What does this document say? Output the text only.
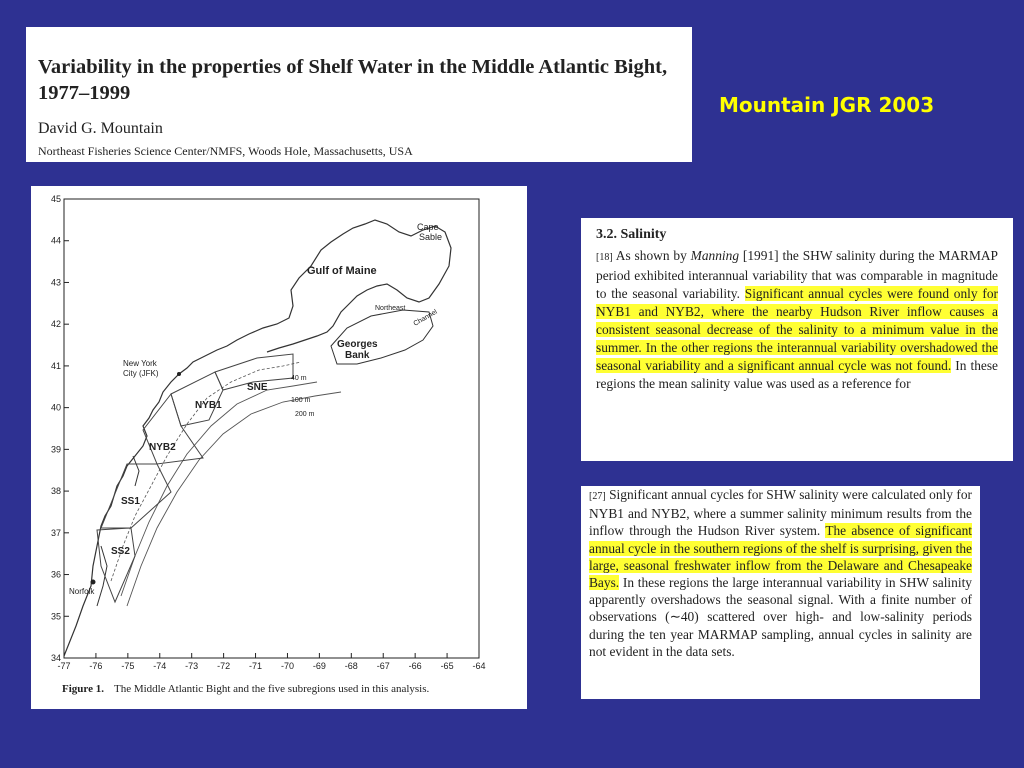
Variability in the properties of Shelf Water in the Middle Atlantic Bight, 1977–1999
David G. Mountain
Northeast Fisheries Science Center/NMFS, Woods Hole, Massachusetts, USA
Mountain JGR 2003
Cape
Sable
Gulf of Maine
Northeast
Channel
Georges
Bank
New York
City (JFK)
SNE
NYB1
NYB2
SS1
SS2
Norfolk
40 m
100 m
200 m
45
44
43
42
41
40
39
38
37
36
35
34
-77 -76 -75 -74 -73 -72 -71 -70 -69 -68 -67 -66 -65 -64
Figure 1. The Middle Atlantic Bight and the five subregions used in this analysis.
3.2. Salinity
[18] As shown by Manning [1991] the SHW salinity during the MARMAP period exhibited interannual variability that was comparable in magnitude to the seasonal variability. Significant annual cycles were found only for NYB1 and NYB2, where the nearby Hudson River inflow causes a consistent seasonal decrease of the salinity to a minimum value in the summer. In the other regions the interannual variability overshadowed the seasonal variability and a significant annual cycle was not found. In these regions the mean salinity value was used as a reference for
[27] Significant annual cycles for SHW salinity were calculated only for NYB1 and NYB2, where a summer salinity minimum results from the inflow through the Hudson River system. The absence of significant annual cycle in the southern regions of the shelf is surprising, given the large, seasonal freshwater inflow from the Delaware and Chesapeake Bays. In these regions the large interannual variability in SHW salinity apparently overshadows the seasonal signal. With a finite number of observations (∼40) scattered over high- and low-salinity periods during the ten year MARMAP sampling, annual cycles in salinity are not evident in the data sets.
